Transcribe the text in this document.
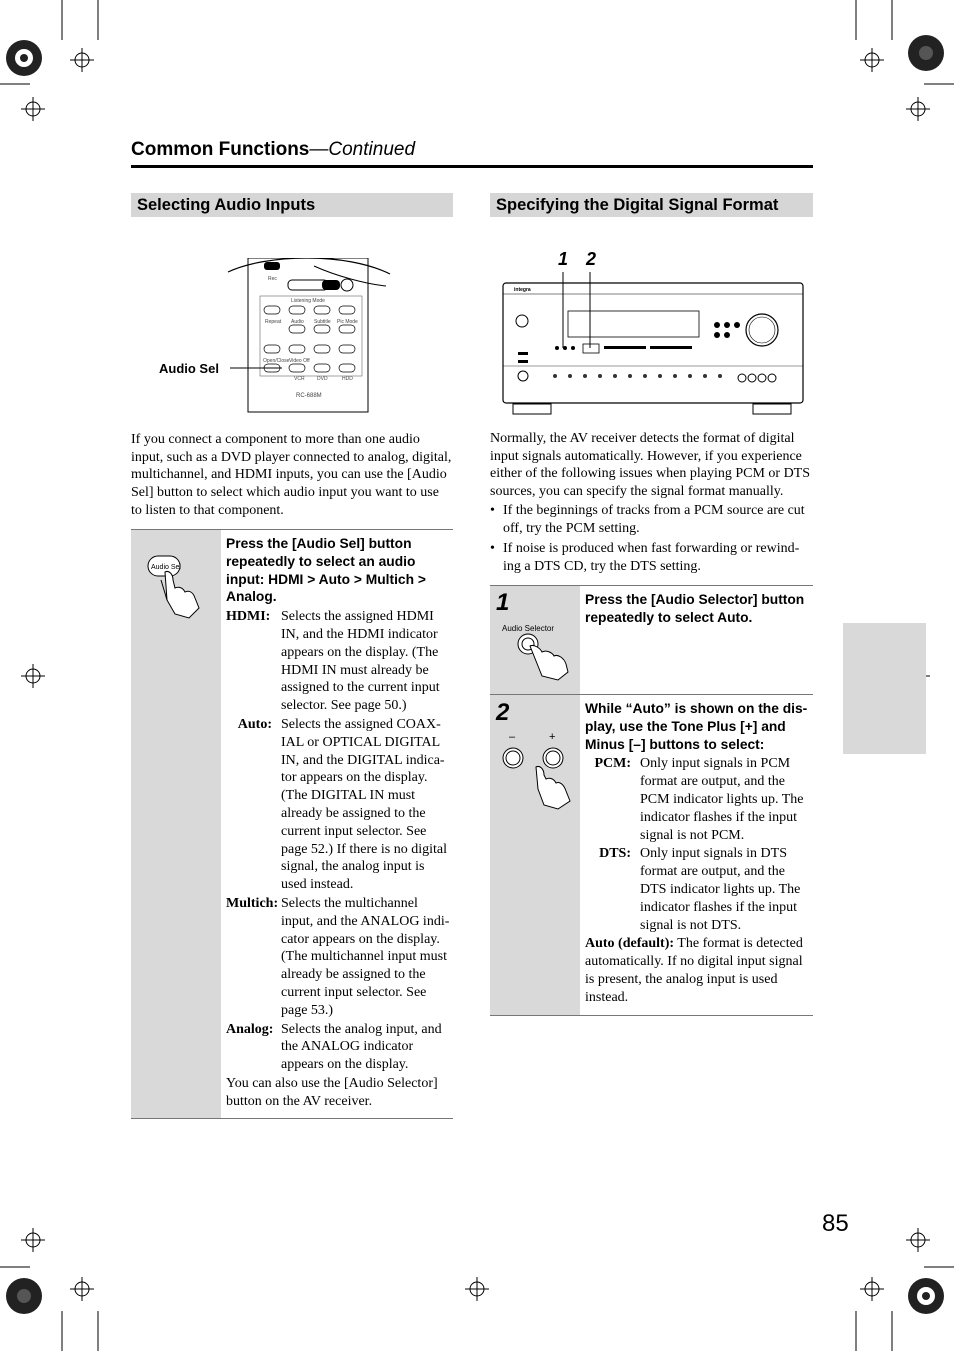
Common Functions—Continued
Selecting Audio Inputs
Rec
Listening Mode
Repeat Audio Subtitle Pic Mode
Open/Close Video Off
VCR DVD	HDD
RC-688M
Audio Sel

If you connect a component to more than one audio input, such as a DVD player connected to analog, digital, multichannel, and HDMI inputs, you can use the [Audio Sel] button to select which audio input you want to use to listen to that component.

Audio Sel
Press the [Audio Sel] button repeatedly to select an audio input: HDMI > Auto > Multich > Analog.
HDMI: Selects the assigned HDMI IN, and the HDMI indicator appears on the display. (The HDMI IN must already be assigned to the current input selector. See page 50.)
Auto: Selects the assigned COAX-IAL or OPTICAL DIGITAL IN, and the DIGITAL indica-tor appears on the display. (The DIGITAL IN must already be assigned to the current input selector. See page 52.) If there is no digital signal, the analog input is used instead.
Multich: Selects the multichannel input, and the ANALOG indi-cator appears on the display. (The multichannel input must already be assigned to the current input selector. See page 53.)
Analog: Selects the analog input, and the ANALOG indicator appears on the display.
You can also use the [Audio Selector] button on the AV receiver.
Specifying the Digital Signal Format
1 2
integra

Normally, the AV receiver detects the format of digital input signals automatically. However, if you experience either of the following issues when playing PCM or DTS sources, you can specify the signal format manually.

• If the beginnings of tracks from a PCM source are cut off, try the PCM setting.
• If noise is produced when fast forwarding or rewind-ing a DTS CD, try the DTS setting.
1
Audio Selector
Press the [Audio Selector] button repeatedly to select Auto.
2
–	+
While “Auto” is shown on the dis-play, use the Tone Plus [+] and Minus [–] buttons to select:
PCM: Only input signals in PCM format are output, and the PCM indicator lights up. The indicator flashes if the input signal is not PCM.
DTS: Only input signals in DTS format are output, and the DTS indicator lights up. The indicator flashes if the input signal is not DTS.
Auto (default): The format is detected automatically. If no digital input signal is present, the analog input is used instead.
85
